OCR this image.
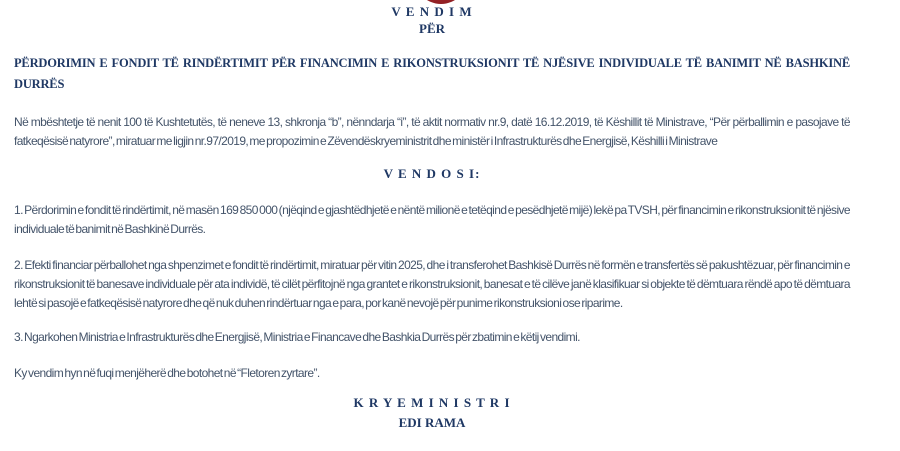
V E N D I M
PËR

PËRDORIMIN E FONDIT TË RINDËRTIMIT PËR FINANCIMIN E RIKONSTRUKSIONIT TË NJËSIVE INDIVIDUALE TË BANIMIT NË BASHKINË DURRËS

Në mbështetje të nenit 100 të Kushtetutës, të neneve 13, shkronja “b”, nënndarja “i”, të aktit normativ nr.9, datë 16.12.2019, të Këshillit të Ministrave, “Për përballimin e pasojave të fatkeqësisë natyrore”, miratuar me ligjin nr.97/2019, me propozimin e Zëvendëskryeministrit dhe ministër i Infrastrukturës dhe Energjisë, Këshilli i Ministrave

V E N D O S I:

1. Përdorimin e fondit të rindërtimit, në masën 169 850 000 (njëqind e gjashtëdhjetë e nëntë milionë e tetëqind e pesëdhjetë mijë) lekë pa TVSH, për financimin e rikonstruksionit të njësive individuale të banimit në Bashkinë Durrës.

2. Efekti financiar përballohet nga shpenzimet e fondit të rindërtimit, miratuar për vitin 2025, dhe i transferohet Bashkisë Durrës në formën e transfertës së pakushtëzuar, për financimin e rikonstruksionit të banesave individuale për ata individë, të cilët përfitojnë nga grantet e rikonstruksionit, banesat e të cilëve janë klasifikuar si objekte të dëmtuara rëndë apo të dëmtuara lehtë si pasojë e fatkeqësisë natyrore dhe që nuk duhen rindërtuar nga e para, por kanë nevojë për punime rikonstruksioni ose riparime.

3. Ngarkohen Ministria e Infrastrukturës dhe Energjisë, Ministria e Financave dhe Bashkia Durrës për zbatimin e këtij vendimi.

Ky vendim hyn në fuqi menjëherë dhe botohet në “Fletoren zyrtare”.

K R Y E M I N I S T R I
EDI RAMA
